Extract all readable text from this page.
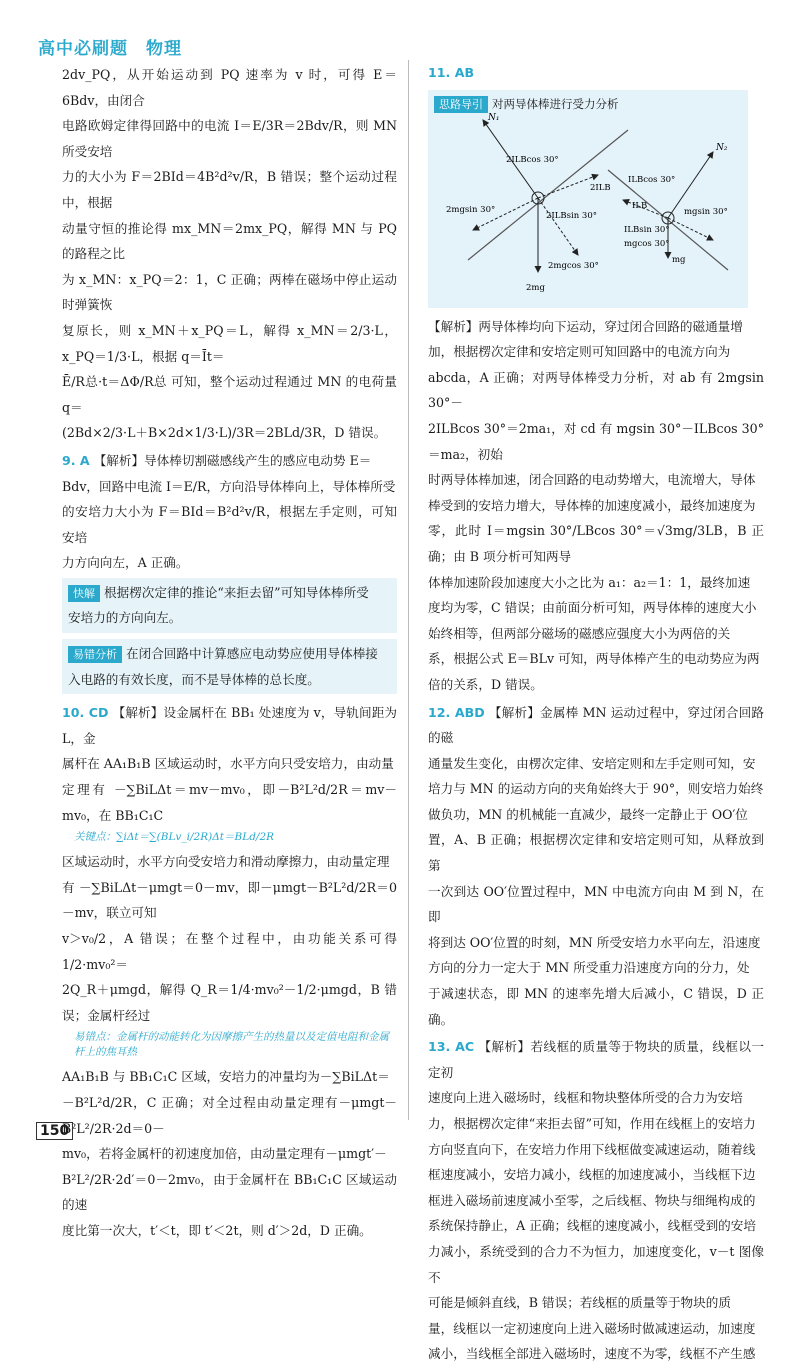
高中必刷题　物理

2dv_PQ，从开始运动到 PQ 速率为 v 时，可得 E＝6Bdv，由闭合

电路欧姆定律得回路中的电流 I＝E/3R＝2Bdv/R，则 MN 所受安培

力的大小为 F＝2BId＝4B²d²v/R，B 错误；整个运动过程中，根据

动量守恒的推论得 mx_MN＝2mx_PQ，解得 MN 与 PQ 的路程之比

为 x_MN：x_PQ＝2：1，C 正确；两棒在磁场中停止运动时弹簧恢

复原长，则 x_MN＋x_PQ＝L，解得 x_MN＝2/3·L，x_PQ＝1/3·L，根据 q＝Īt＝

Ē/R总·t＝ΔΦ/R总 可知，整个运动过程通过 MN 的电荷量 q＝

(2Bd×2/3·L＋B×2d×1/3·L)/3R＝2BLd/3R，D 错误。

9. A 【解析】导体棒切割磁感线产生的感应电动势 E＝

Bdv，回路中电流 I＝E/R，方向沿导体棒向上，导体棒所受

的安培力大小为 F＝BId＝B²d²v/R，根据左手定则，可知安培

力方向向左，A 正确。

快解 根据楞次定律的推论“来拒去留”可知导体棒所受

安培力的方向向左。

易错分析 在闭合回路中计算感应电动势应使用导体棒接

入电路的有效长度，而不是导体棒的总长度。

10. CD 【解析】设金属杆在 BB₁ 处速度为 v，导轨间距为 L，金

属杆在 AA₁B₁B 区域运动时，水平方向只受安培力，由动量

定理有 －∑BiLΔt＝mv－mv₀，即－B²L²d/2R＝mv－mv₀，在 BB₁C₁C

关键点：∑iΔt＝∑(BLv_i/2R)Δt＝BLd/2R

区域运动时，水平方向受安培力和滑动摩擦力，由动量定理

有 －∑BiLΔt－μmgt＝0－mv，即－μmgt－B²L²d/2R＝0－mv，联立可知

v＞v₀/2，A 错误；在整个过程中，由功能关系可得 1/2·mv₀²＝

2Q_R＋μmgd，解得 Q_R＝1/4·mv₀²－1/2·μmgd，B 错误；金属杆经过

易错点：金属杆的动能转化为因摩擦产生的热量以及定值电阻和金属杆上的焦耳热

AA₁B₁B 与 BB₁C₁C 区域，安培力的冲量均为－∑BiLΔt＝

－B²L²d/2R，C 正确；对全过程由动量定理有－μmgt－B²L²/2R·2d＝0－

mv₀，若将金属杆的初速度加倍，由动量定理有－μmgt′－

B²L²/2R·2d′＝0－2mv₀，由于金属杆在 BB₁C₁C 区域运动的速

度比第一次大，t′＜t，即 t′＜2t，则 d′＞2d，D 正确。

11. AB

思路导引 对两导体棒进行受力分析
N₁
2ILBcos 30°
2ILB
2mgsin 30°
2ILBsin 30°
2mgcos 30°
2mg
N₂
ILBcos 30°
ILB
mgsin 30°
ILBsin 30°
mgcos 30°
mg

【解析】两导体棒均向下运动，穿过闭合回路的磁通量增

加，根据楞次定律和安培定则可知回路中的电流方向为

abcda，A 正确；对两导体棒受力分析，对 ab 有 2mgsin 30°－

2ILBcos 30°＝2ma₁，对 cd 有 mgsin 30°－ILBcos 30°＝ma₂，初始

时两导体棒加速，闭合回路的电动势增大，电流增大，导体

棒受到的安培力增大，导体棒的加速度减小，最终加速度为

零，此时 I＝mgsin 30°/LBcos 30°＝√3mg/3LB，B 正确；由 B 项分析可知两导

体棒加速阶段加速度大小之比为 a₁：a₂＝1：1，最终加速

度均为零，C 错误；由前面分析可知，两导体棒的速度大小

始终相等，但两部分磁场的磁感应强度大小为两倍的关

系，根据公式 E＝BLv 可知，两导体棒产生的电动势应为两

倍的关系，D 错误。

12. ABD 【解析】金属棒 MN 运动过程中，穿过闭合回路的磁

通量发生变化，由楞次定律、安培定则和左手定则可知，安

培力与 MN 的运动方向的夹角始终大于 90°，则安培力始终

做负功，MN 的机械能一直减少，最终一定静止于 OO′位

置，A、B 正确；根据楞次定律和安培定则可知，从释放到第

一次到达 OO′位置过程中，MN 中电流方向由 M 到 N，在即

将到达 OO′位置的时刻，MN 所受安培力水平向左，沿速度

方向的分力一定大于 MN 所受重力沿速度方向的分力，处

于减速状态，即 MN 的速率先增大后减小，C 错误，D 正确。

13. AC 【解析】若线框的质量等于物块的质量，线框以一定初

速度向上进入磁场时，线框和物块整体所受的合力为安培

力，根据楞次定律“来拒去留”可知，作用在线框上的安培力

方向竖直向下，在安培力作用下线框做变减速运动，随着线

框速度减小，安培力减小，线框的加速度减小，当线框下边

框进入磁场前速度减小至零，之后线框、物块与细绳构成的

系统保持静止，A 正确；线框的速度减小，线框受到的安培

力减小，系统受到的合力不为恒力，加速度变化，v－t 图像不

可能是倾斜直线，B 错误；若线框的质量等于物块的质

量，线框以一定初速度向上进入磁场时做减速运动，加速度

减小，当线框全部进入磁场时，速度不为零，线框不产生感

150
